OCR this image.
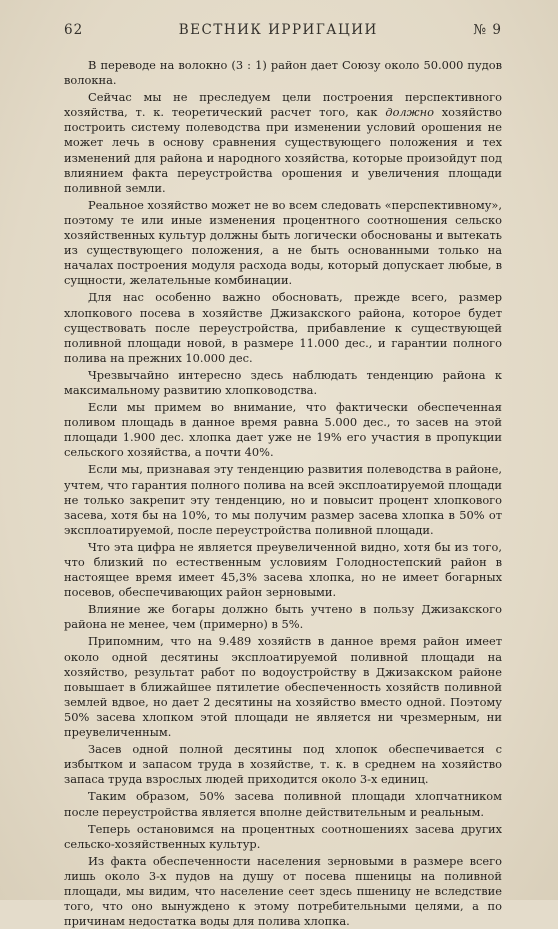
62	ВЕСТНИК ИРРИГАЦИИ	№ 9

В переводе на волокно (3 : 1) район дает Союзу около 50.000 пудов волокна.

Сейчас мы не преследуем цели построения перспективного хозяйства, т. к. теоретический расчет того, как должно хозяйство построить систему полеводства при изменении условий орошения не может лечь в основу сравнения существующего положения и тех изменений для района и народного хозяйства, которые произойдут под влиянием факта переустройства орошения и увеличения площади поливной земли.

Реальное хозяйство может не во всем следовать «перспективному», поэтому те или иные изменения процентного соотношения сельско хозяйственных культур должны быть логически обоснованы и вытекать из существующего положения, а не быть основанными только на началах построения модуля расхода воды, который допускает любые, в сущности, желательные комбинации.

Для нас особенно важно обосновать, прежде всего, размер хлопкового посева в хозяйстве Джизакского района, которое будет существовать после переустройства, прибавление к существующей поливной площади новой, в размере 11.000 дес., и гарантии полного полива на прежних 10.000 дес.

Чрезвычайно интересно здесь наблюдать тенденцию района к максимальному развитию хлопководства.

Если мы примем во внимание, что фактически обеспеченная поливом площадь в данное время равна 5.000 дес., то засев на этой площади 1.900 дес. хлопка дает уже не 19% его участия в пропукции сельского хозяйства, а почти 40%.

Если мы, признавая эту тенденцию развития полеводства в районе, учтем, что гарантия полного полива на всей эксплоатируемой площади не только закрепит эту тенденцию, но и повысит процент хлопкового засева, хотя бы на 10%, то мы получим размер засева хлопка в 50% от эксплоатируемой, после переустройства поливной площади.

Что эта цифра не является преувеличенной видно, хотя бы из того, что близкий по естественным условиям Голодностепский район в настоящее время имеет 45,3% засева хлопка, но не имеет богарных посевов, обеспечивающих район зерновыми.

Влияние же богары должно быть учтено в пользу Джизакского района не менее, чем (примерно) в 5%.

Припомним, что на 9.489 хозяйств в данное время район имеет около одной десятины эксплоатируемой поливной площади на хозяйство, результат работ по водоустройству в Джизакском районе повышает в ближайшее пятилетие обеспеченность хозяйств поливной землей вдвое, но дает 2 десятины на хозяйство вместо одной. Поэтому 50% засева хлопком этой площади не является ни чрезмерным, ни преувеличенным.

Засев одной полной десятины под хлопок обеспечивается с избытком и запасом труда в хозяйстве, т. к. в среднем на хозяйство запаса труда взрослых людей приходится около 3-х единиц.

Таким образом, 50% засева поливной площади хлопчатником после переустройства является вполне действительным и реальным.

Теперь остановимся на процентных соотношениях засева других сельско-хозяйственных культур.

Из факта обеспеченности населения зерновыми в размере всего лишь около 3-х пудов на душу от посева пшеницы на поливной площади, мы видим, что население сеет здесь пшеницу не вследствие того, что оно вынуждено к этому потребительными целями, а по причинам недостатка воды для полива хлопка.
